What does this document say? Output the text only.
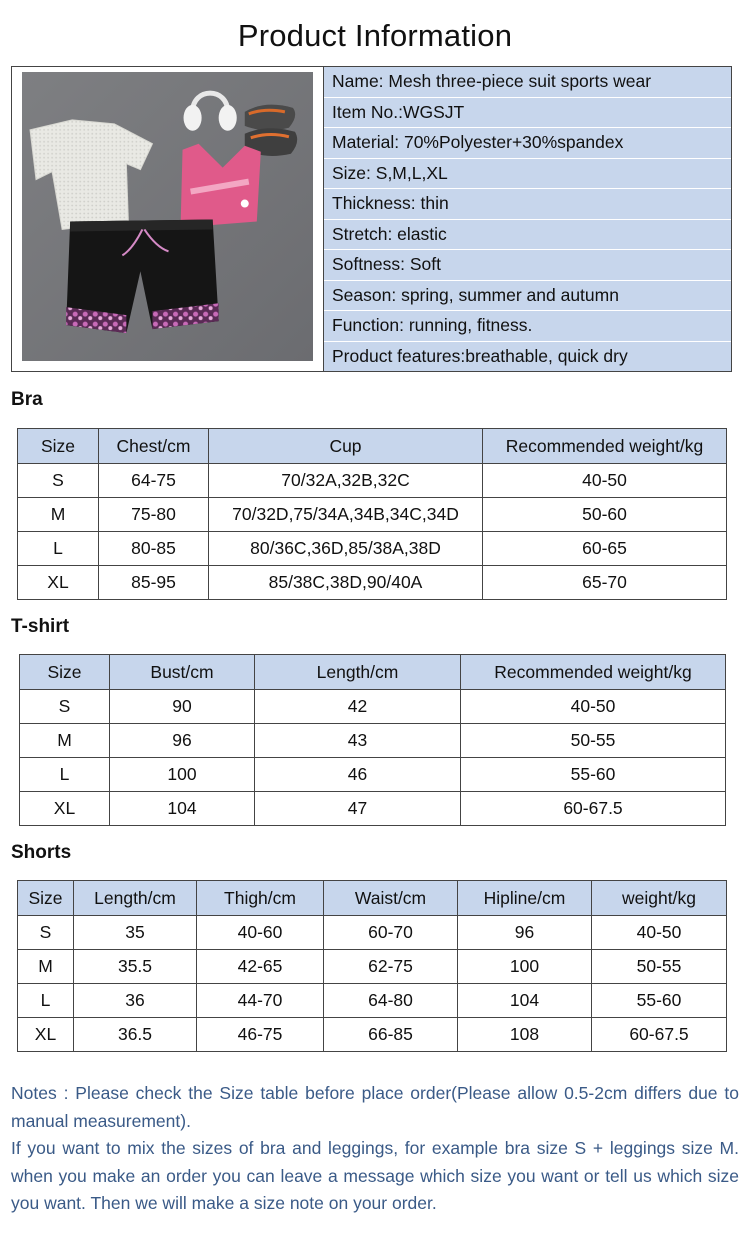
Product Information
Name: Mesh three-piece suit sports wear
Item No.:WGSJT
Material: 70%Polyester+30%spandex
Size: S,M,L,XL
Thickness: thin
Stretch: elastic
Softness: Soft
Season: spring, summer and autumn
Function: running, fitness.
Product features:breathable, quick dry
Bra
Size	Chest/cm	Cup	Recommended weight/kg
S	64-75	70/32A,32B,32C	40-50
M	75-80	70/32D,75/34A,34B,34C,34D	50-60
L	80-85	80/36C,36D,85/38A,38D	60-65
XL	85-95	85/38C,38D,90/40A	65-70
T-shirt
Size	Bust/cm	Length/cm	Recommended weight/kg
S	90	42	40-50
M	96	43	50-55
L	100	46	55-60
XL	104	47	60-67.5
Shorts
Size	Length/cm	Thigh/cm	Waist/cm	Hipline/cm	weight/kg
S	35	40-60	60-70	96	40-50
M	35.5	42-65	62-75	100	50-55
L	36	44-70	64-80	104	55-60
XL	36.5	46-75	66-85	108	60-67.5

Notes : Please check the Size table before place order(Please allow 0.5-2cm differs due to manual measurement).

If you want to mix the sizes of bra and leggings, for example bra size S + leggings size M. when you make an order you can leave a message which size you want or tell us which size you want. Then we will make a size note on your order.
